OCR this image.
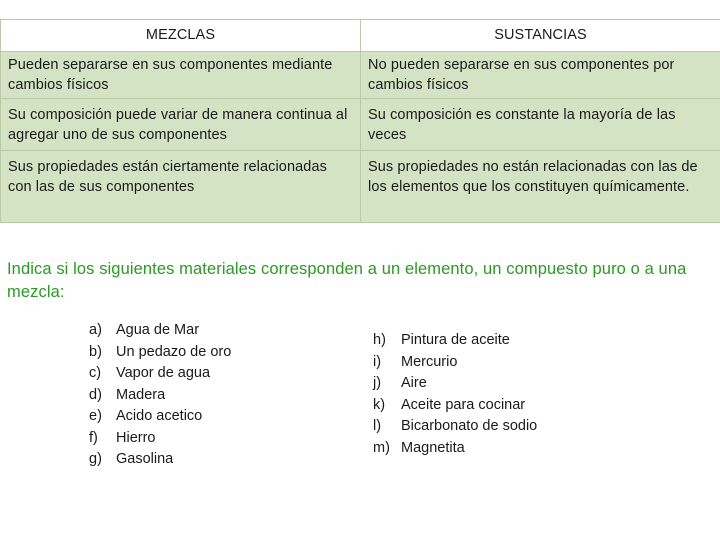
MEZCLAS	SUSTANCIAS
Pueden separarse en sus componentes mediante cambios físicos	No pueden separarse en sus componentes por cambios físicos
Su composición puede variar de manera continua al agregar uno de sus componentes	Su composición es constante la mayoría de las veces
Sus propiedades están ciertamente relacionadas con las de sus componentes	Sus propiedades no están relacionadas con las de los elementos que los constituyen químicamente.
Indica si los siguientes materiales corresponden a un elemento, un compuesto puro o a una mezcla:
a) Agua de Mar
b) Un pedazo de oro
c)	Vapor de agua
d) Madera
e) Acido acetico
f)	Hierro
g) Gasolina
h)	Pintura de aceite
i)	Mercurio
j)	Aire
k)	Aceite para cocinar
l)	Bicarbonato de sodio
m) Magnetita
